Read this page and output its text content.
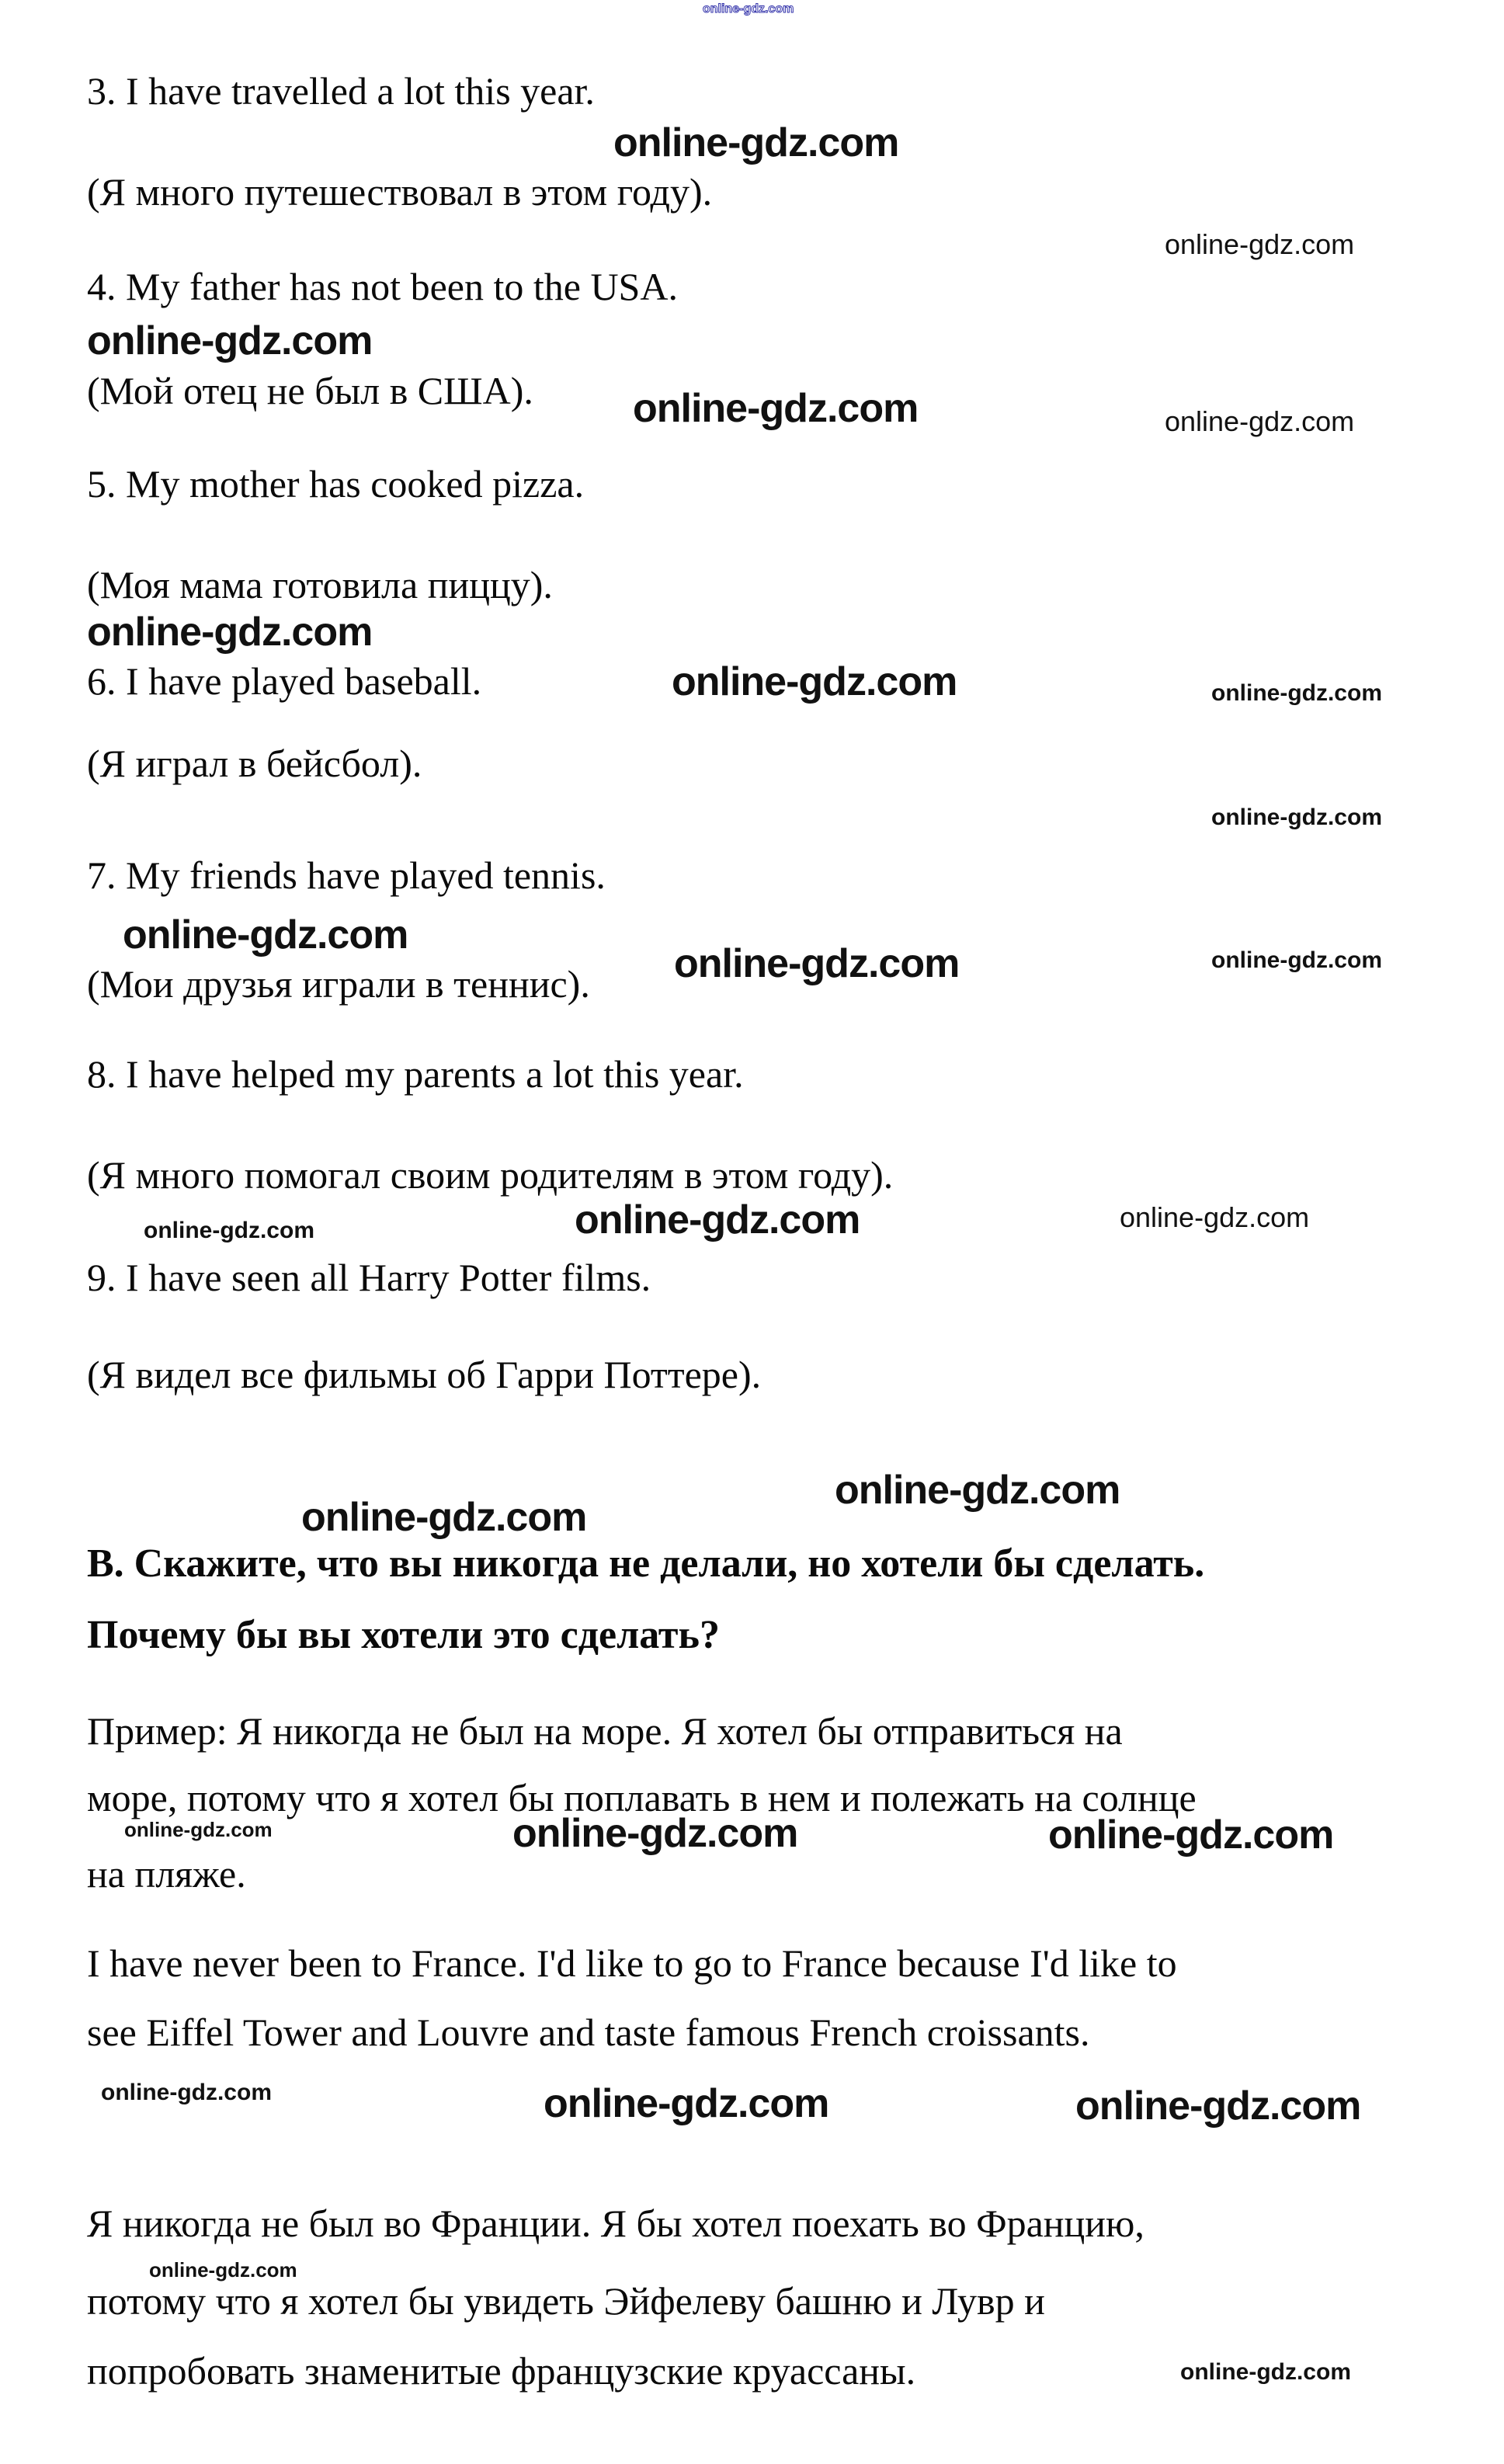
online-gdz.com
3. I have travelled a lot this year.
online-gdz.com
(Я много путешествовал в этом году).
online-gdz.com
4. My father has not been to the USA.
online-gdz.com
(Мой отец не был в США). online-gdz.com	online-gdz.com
5. My mother has cooked pizza.
(Моя мама готовила пиццу).
online-gdz.com
6. I have played baseball.	online-gdz.com	online-gdz.com
(Я играл в бейсбол).
online-gdz.com
7. My friends have played tennis.
online-gdz.com
(Мои друзья играли в теннис). online-gdz.com	online-gdz.com
8. I have helped my parents a lot this year.
(Я много помогал своим родителям в этом году).
online-gdz.com	online-gdz.com	online-gdz.com
9. I have seen all Harry Potter films.
(Я видел все фильмы об Гарри Поттере).
online-gdz.com
online-gdz.com
В. Скажите, что вы никогда не делали, но хотели бы сделать.
Почему бы вы хотели это сделать?
Пример: Я никогда не был на море. Я хотел бы отправиться на
море, потому что я хотел бы поплавать в нем и полежать на солнце
online-gdz.com	online-gdz.com	online-gdz.com
на пляже.
I have never been to France. I'd like to go to France because I'd like to
see Eiffel Tower and Louvre and taste famous French croissants.
online-gdz.com	online-gdz.com	online-gdz.com
Я никогда не был во Франции. Я бы хотел поехать во Францию,
online-gdz.com
потому что я хотел бы увидеть Эйфелеву башню и Лувр и
попробовать знаменитые французские круассаны.	online-gdz.com
